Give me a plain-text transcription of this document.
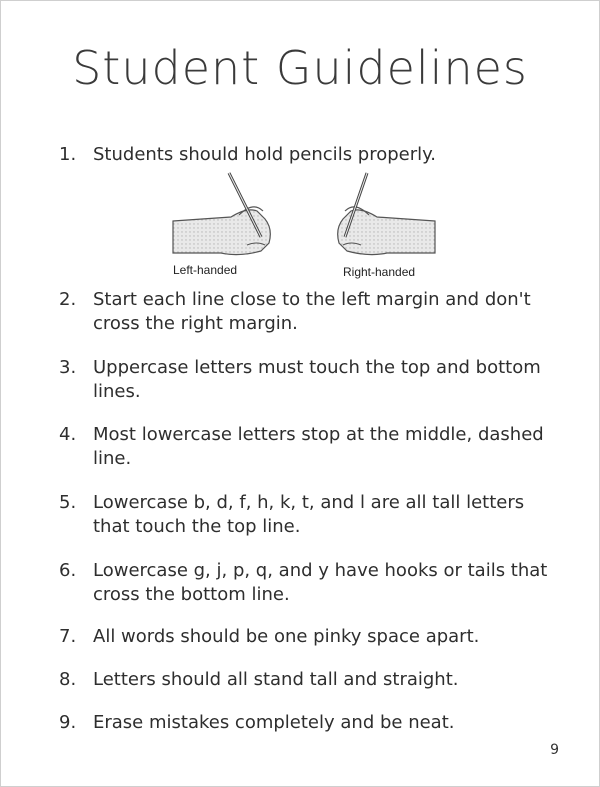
Student Guidelines
1. Students should hold pencils properly.
Left-handed	Right-handed
2. Start each line close to the left margin and don't cross the right margin.
3. Uppercase letters must touch the top and bottom lines.
4. Most lowercase letters stop at the middle, dashed line.
5. Lowercase b, d, f, h, k, t, and l are all tall letters that touch the top line.
6. Lowercase g, j, p, q, and y have hooks or tails that cross the bottom line.
7. All words should be one pinky space apart.
8. Letters should all stand tall and straight.
9. Erase mistakes completely and be neat.
9
